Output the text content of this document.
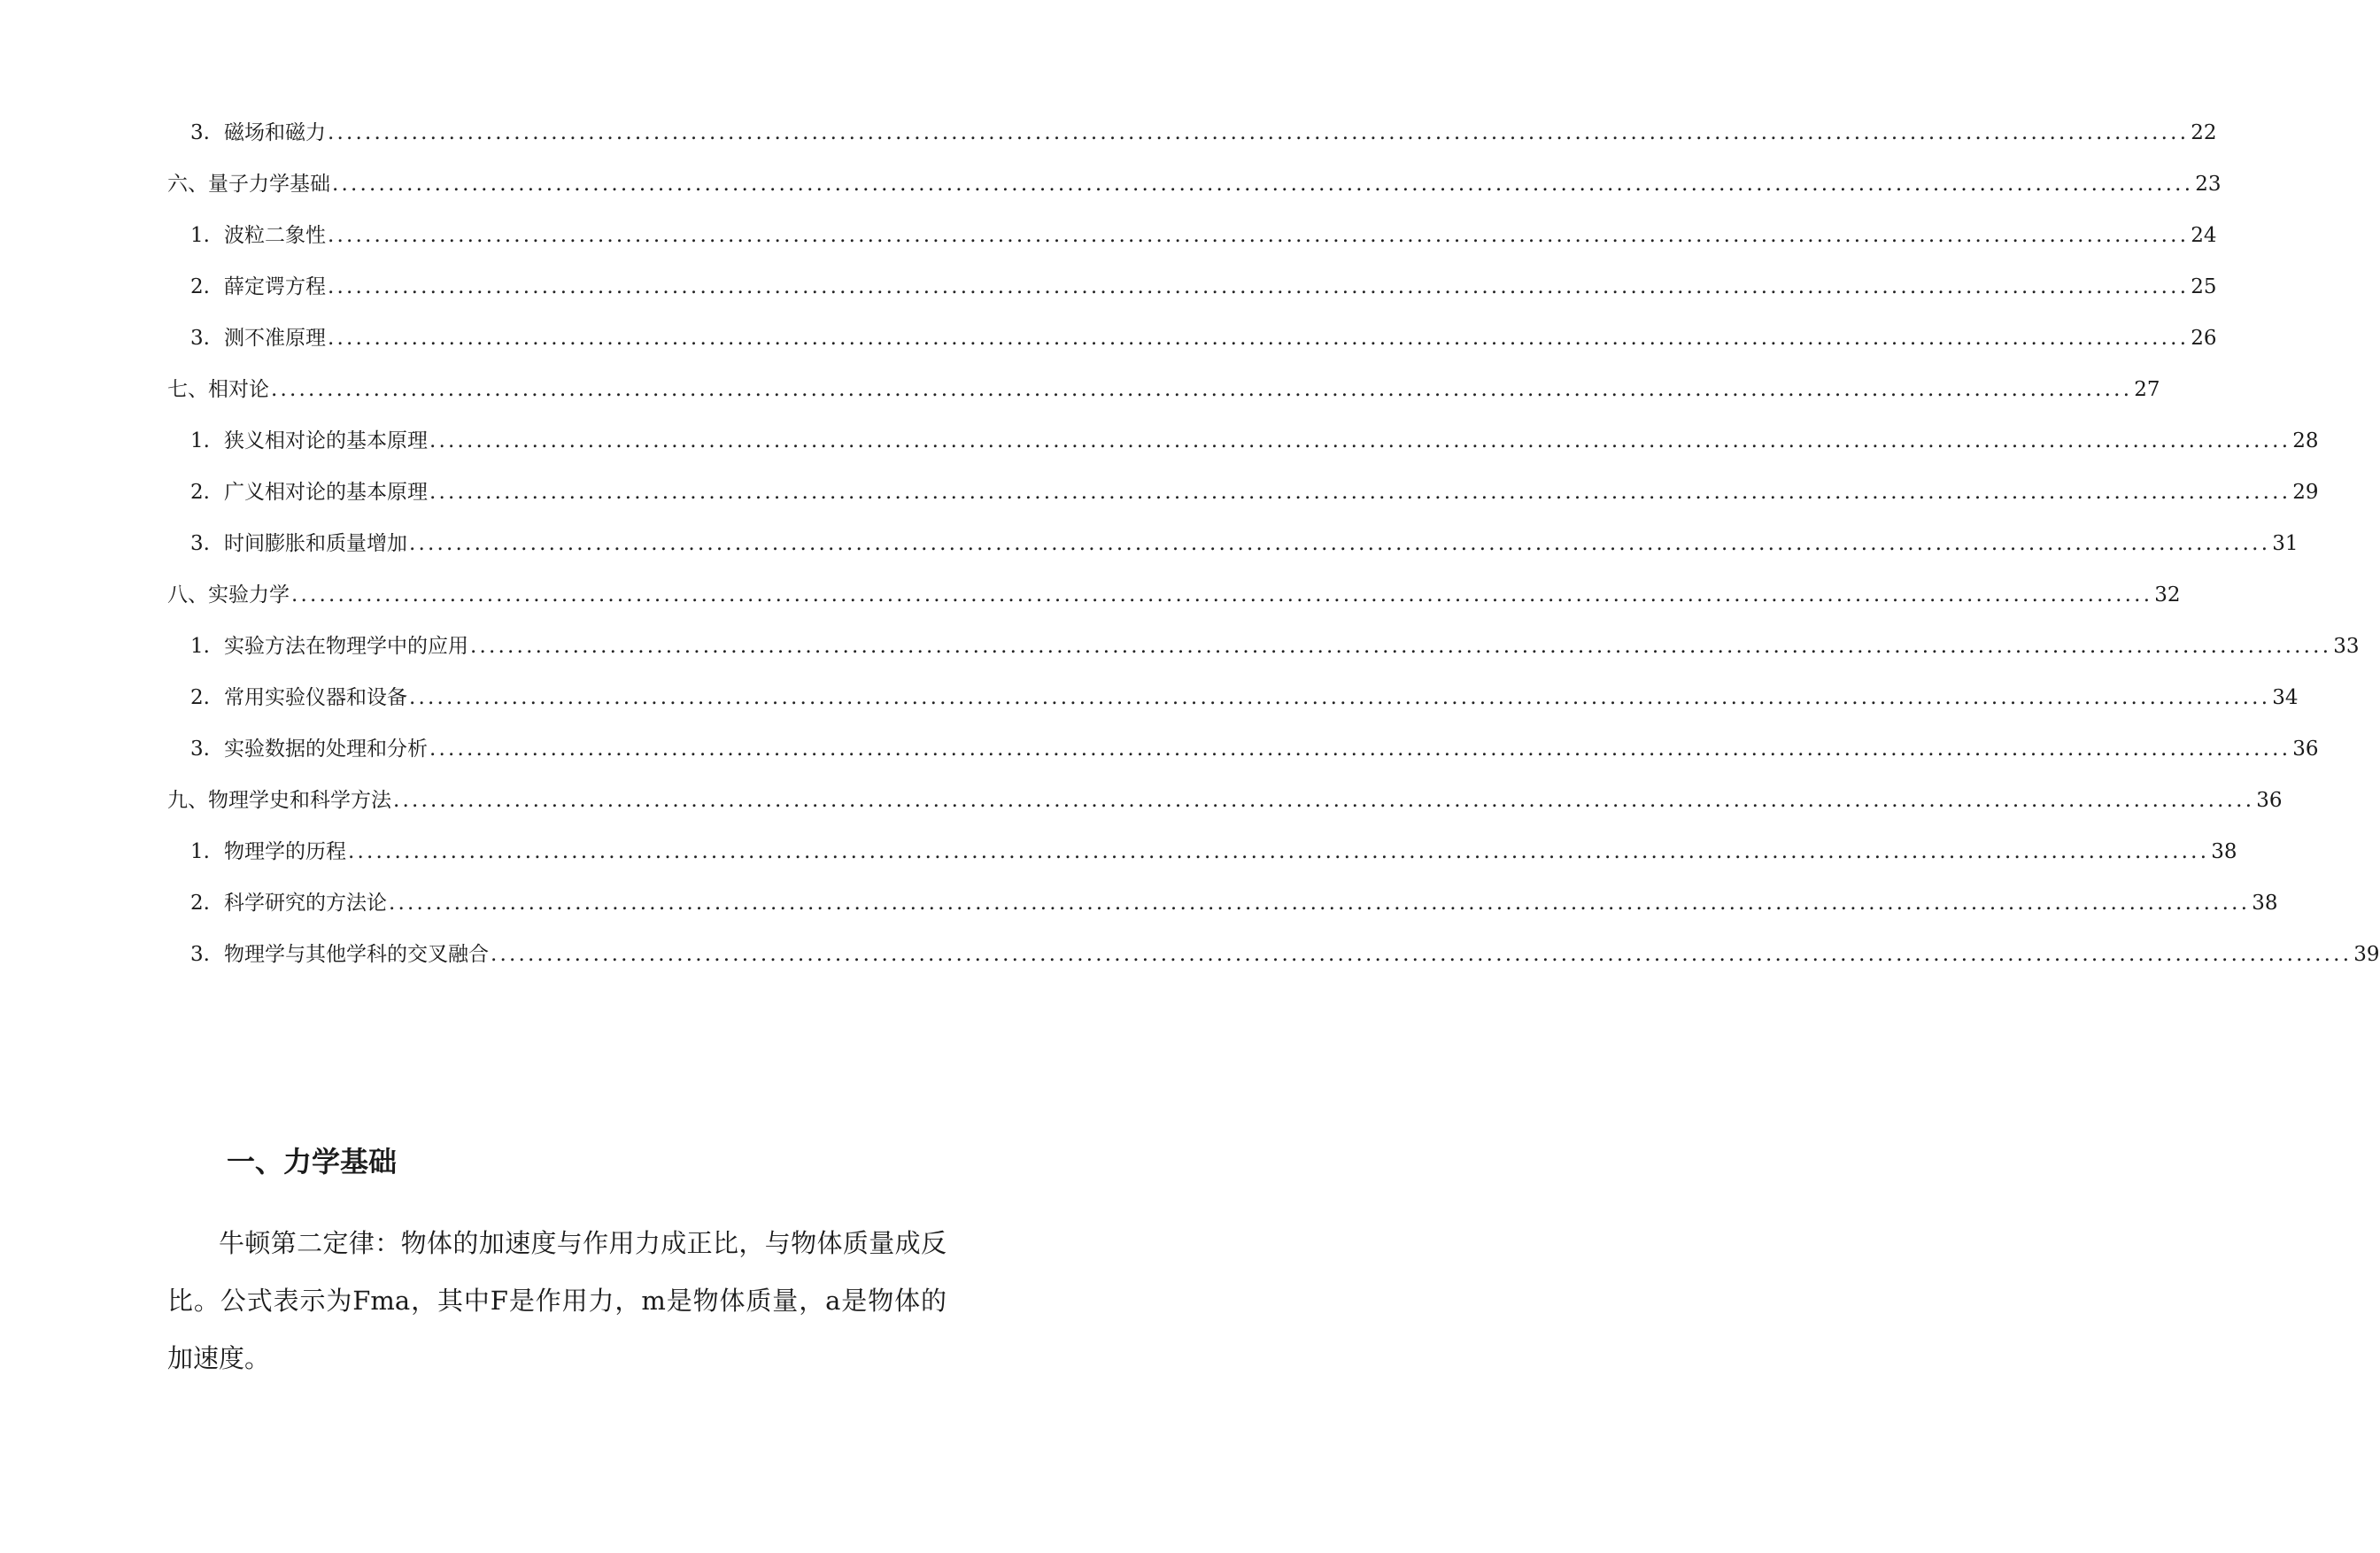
3. 磁场和磁力 ........................................................................................................................................................................................................ 22
六、量子力学基础 ........................................................................................................................................................................................................ 23
1. 波粒二象性 ........................................................................................................................................................................................................ 24
2. 薛定谔方程 ........................................................................................................................................................................................................ 25
3. 测不准原理 ........................................................................................................................................................................................................ 26
七、相对论 ........................................................................................................................................................................................................ 27
1. 狭义相对论的基本原理 ........................................................................................................................................................................................................ 28
2. 广义相对论的基本原理 ........................................................................................................................................................................................................ 29
3. 时间膨胀和质量增加 ........................................................................................................................................................................................................ 31
八、实验力学 ........................................................................................................................................................................................................ 32
1. 实验方法在物理学中的应用 ........................................................................................................................................................................................................ 33
2. 常用实验仪器和设备 ........................................................................................................................................................................................................ 34
3. 实验数据的处理和分析 ........................................................................................................................................................................................................ 36
九、物理学史和科学方法 ........................................................................................................................................................................................................ 36
1. 物理学的历程 ........................................................................................................................................................................................................ 38
2. 科学研究的方法论 ........................................................................................................................................................................................................ 38
3. 物理学与其他学科的交叉融合 ........................................................................................................................................................................................................ 39
一、力学基础

牛顿第二定律：物体的加速度与作用力成正比，与物体质量成反比。公式表示为Fma，其中F是作用力，m是物体质量，a是物体的加速度。
